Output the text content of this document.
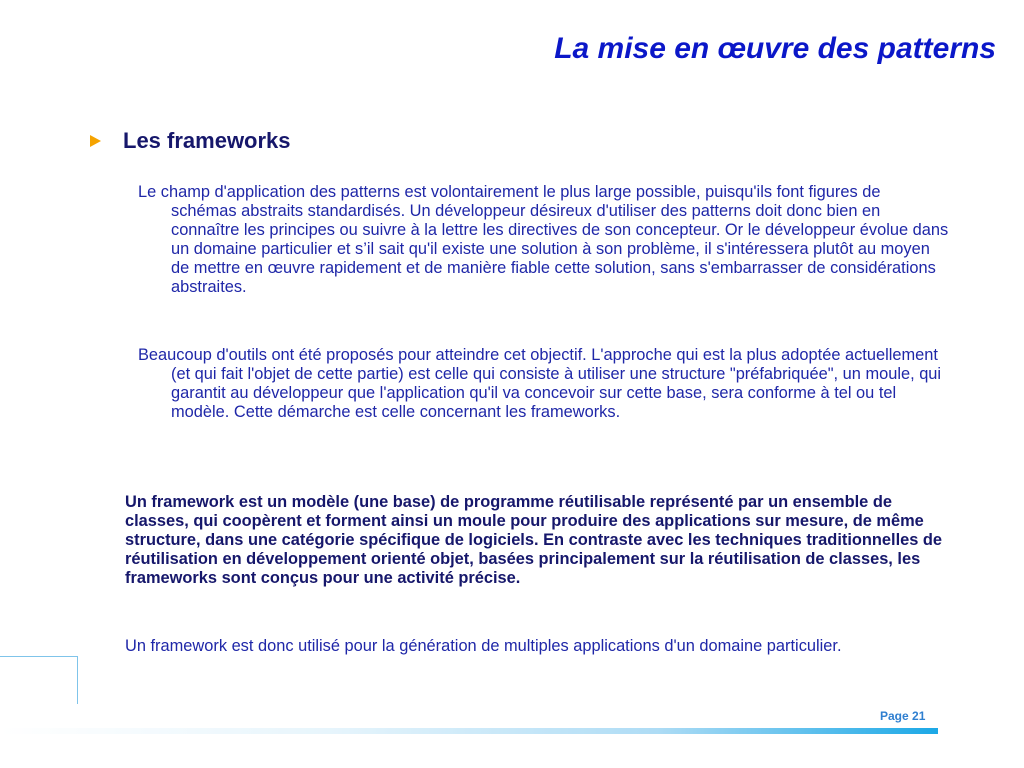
La mise en œuvre des patterns
Les frameworks

Le champ d'application des patterns est volontairement le plus large possible, puisqu'ils font figures de schémas abstraits standardisés. Un développeur désireux d'utiliser des patterns doit donc bien en connaître les principes ou suivre à la lettre les directives de son concepteur. Or le développeur évolue dans un domaine particulier et s’il sait qu'il existe une solution à son problème, il s'intéressera plutôt au moyen de mettre en œuvre rapidement et de manière fiable cette solution, sans s'embarrasser de considérations abstraites.

Beaucoup d'outils ont été proposés pour atteindre cet objectif. L'approche qui est la plus adoptée actuellement (et qui fait l'objet de cette partie) est celle qui consiste à utiliser une structure "préfabriquée", un moule, qui garantit au développeur que l'application qu'il va concevoir sur cette base, sera conforme à tel ou tel modèle. Cette démarche est celle concernant les frameworks.

Un framework est un modèle (une base) de programme réutilisable représenté par un ensemble de classes, qui coopèrent et forment ainsi un moule pour produire des applications sur mesure, de même structure, dans une catégorie spécifique de logiciels. En contraste avec les techniques traditionnelles de réutilisation en développement orienté objet, basées principalement sur la réutilisation de classes, les frameworks sont conçus pour une activité précise.

Un framework est donc utilisé pour la génération de multiples applications d'un domaine particulier.

Page 21
